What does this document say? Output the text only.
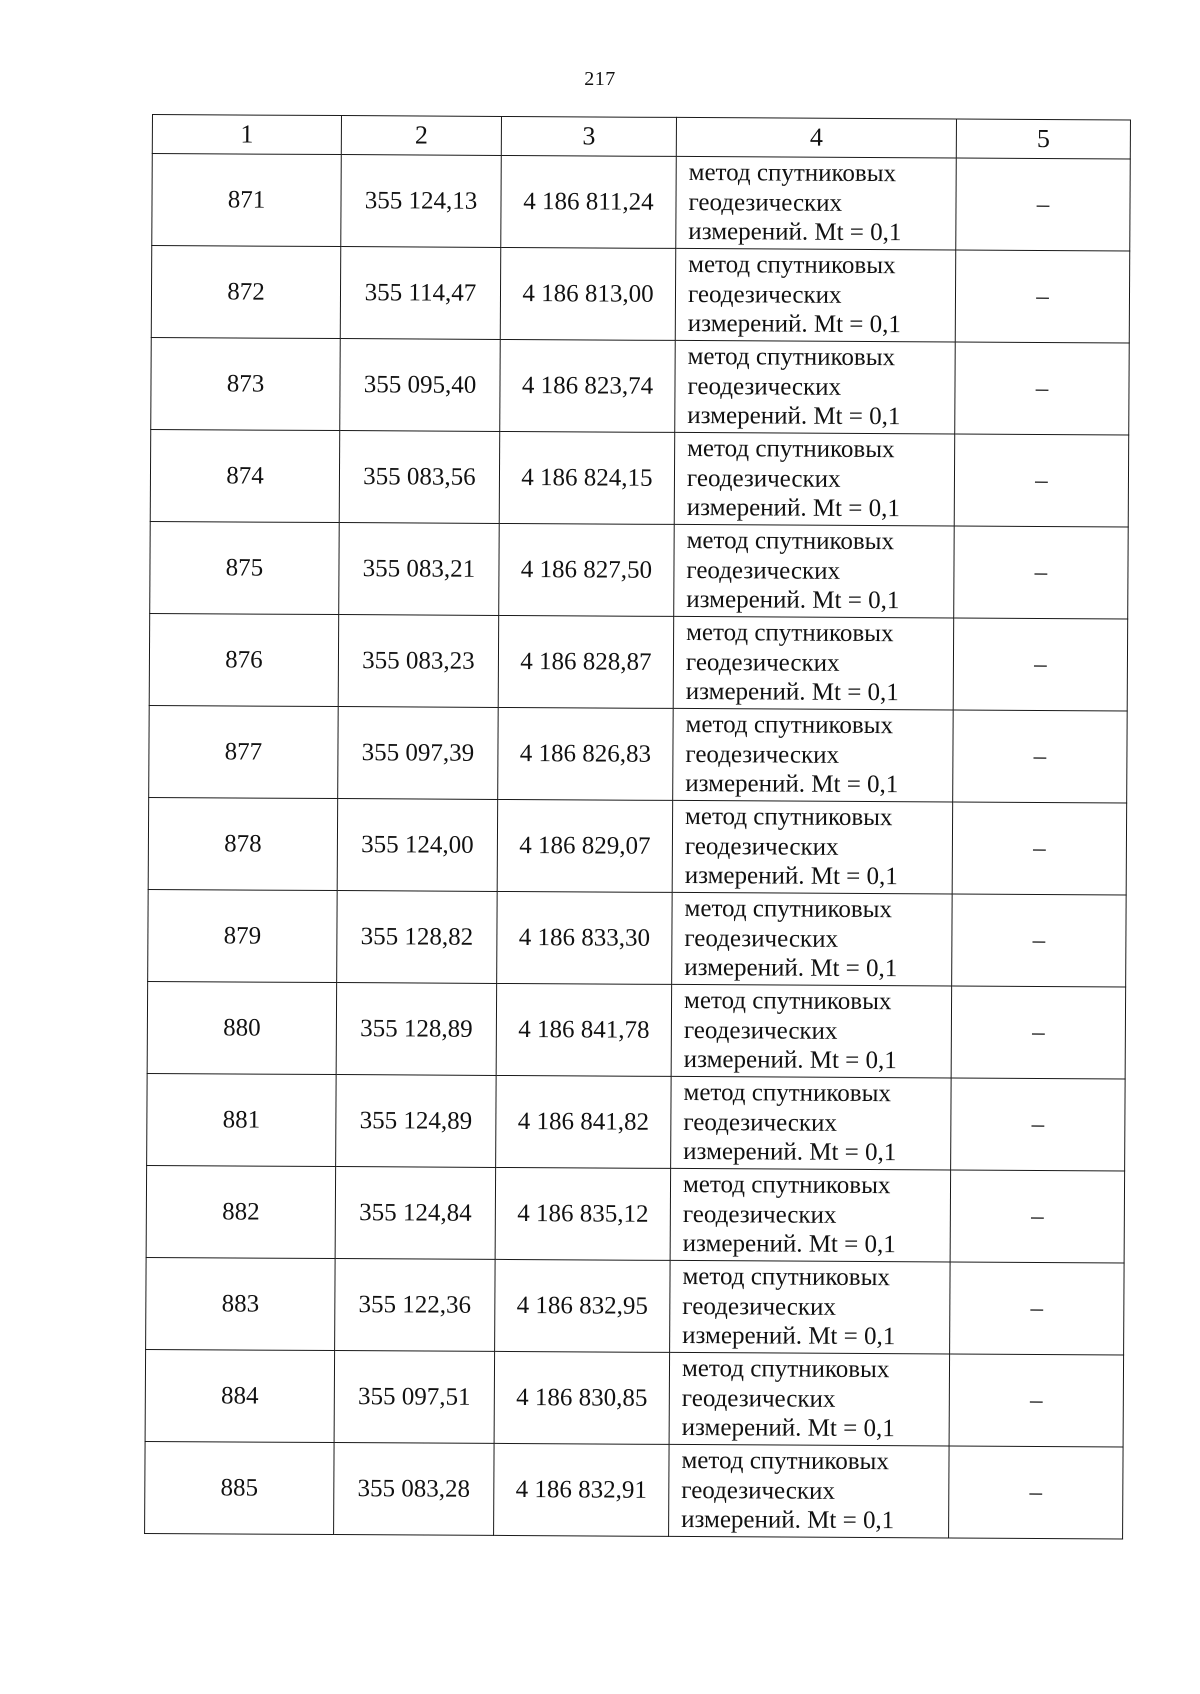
217
1	2	3	4	5
871	355 124,13	4 186 811,24	метод спутниковых
геодезических
измерений. Mt = 0,1	–
872	355 114,47	4 186 813,00	метод спутниковых
геодезических
измерений. Mt = 0,1	–
873	355 095,40	4 186 823,74	метод спутниковых
геодезических
измерений. Mt = 0,1	–
874	355 083,56	4 186 824,15	метод спутниковых
геодезических
измерений. Mt = 0,1	–
875	355 083,21	4 186 827,50	метод спутниковых
геодезических
измерений. Mt = 0,1	–
876	355 083,23	4 186 828,87	метод спутниковых
геодезических
измерений. Mt = 0,1	–
877	355 097,39	4 186 826,83	метод спутниковых
геодезических
измерений. Mt = 0,1	–
878	355 124,00	4 186 829,07	метод спутниковых
геодезических
измерений. Mt = 0,1	–
879	355 128,82	4 186 833,30	метод спутниковых
геодезических
измерений. Mt = 0,1	–
880	355 128,89	4 186 841,78	метод спутниковых
геодезических
измерений. Mt = 0,1	–
881	355 124,89	4 186 841,82	метод спутниковых
геодезических
измерений. Mt = 0,1	–
882	355 124,84	4 186 835,12	метод спутниковых
геодезических
измерений. Mt = 0,1	–
883	355 122,36	4 186 832,95	метод спутниковых
геодезических
измерений. Mt = 0,1	–
884	355 097,51	4 186 830,85	метод спутниковых
геодезических
измерений. Mt = 0,1	–
885	355 083,28	4 186 832,91	метод спутниковых
геодезических
измерений. Mt = 0,1	–
